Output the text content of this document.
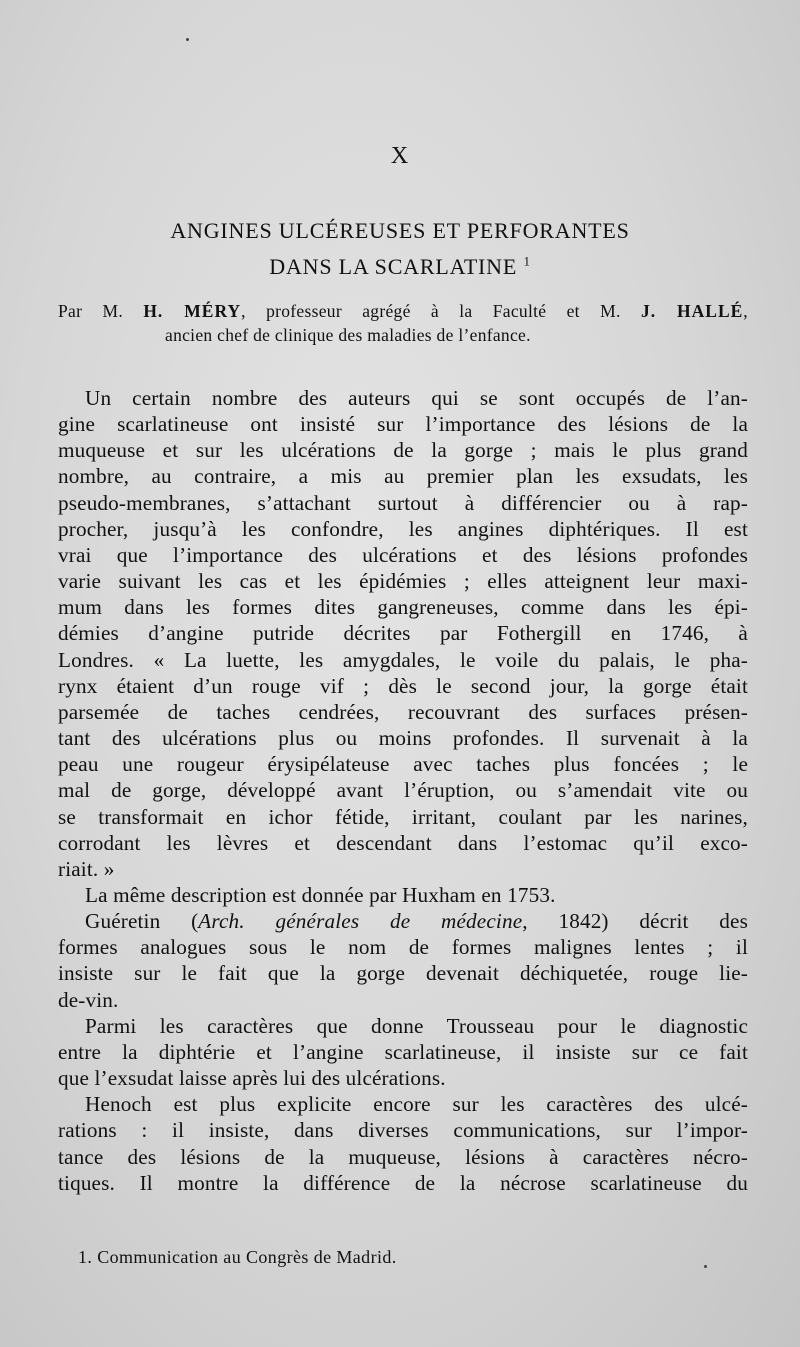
X
ANGINES ULCÉREUSES ET PERFORANTES
DANS LA SCARLATINE $^1$
Par M. H. MÉRY, professeur agrégé à la Faculté et M. J. HALLÉ,
ancien chef de clinique des maladies de l’enfance.
Un certain nombre des auteurs qui se sont occupés de l’an-
gine scarlatineuse ont insisté sur l’importance des lésions de la
muqueuse et sur les ulcérations de la gorge ; mais le plus grand
nombre, au contraire, a mis au premier plan les exsudats, les
pseudo-membranes, s’attachant surtout à différencier ou à rap-
procher, jusqu’à les confondre, les angines diphtériques. Il est
vrai que l’importance des ulcérations et des lésions profondes
varie suivant les cas et les épidémies ; elles atteignent leur maxi-
mum dans les formes dites gangreneuses, comme dans les épi-
démies d’angine putride décrites par Fothergill en 1746, à
Londres. « La luette, les amygdales, le voile du palais, le pha-
rynx étaient d’un rouge vif ; dès le second jour, la gorge était
parsemée de taches cendrées, recouvrant des surfaces présen-
tant des ulcérations plus ou moins profondes. Il survenait à la
peau une rougeur érysipélateuse avec taches plus foncées ; le
mal de gorge, développé avant l’éruption, ou s’amendait vite ou
se transformait en ichor fétide, irritant, coulant par les narines,
corrodant les lèvres et descendant dans l’estomac qu’il exco-
riait. »
La même description est donnée par Huxham en 1753.
Guéretin (Arch. générales de médecine, 1842) décrit des
formes analogues sous le nom de formes malignes lentes ; il
insiste sur le fait que la gorge devenait déchiquetée, rouge lie-
de-vin.
Parmi les caractères que donne Trousseau pour le diagnostic
entre la diphtérie et l’angine scarlatineuse, il insiste sur ce fait
que l’exsudat laisse après lui des ulcérations.
Henoch est plus explicite encore sur les caractères des ulcé-
rations : il insiste, dans diverses communications, sur l’impor-
tance des lésions de la muqueuse, lésions à caractères nécro-
tiques. Il montre la différence de la nécrose scarlatineuse du
1. Communication au Congrès de Madrid.
